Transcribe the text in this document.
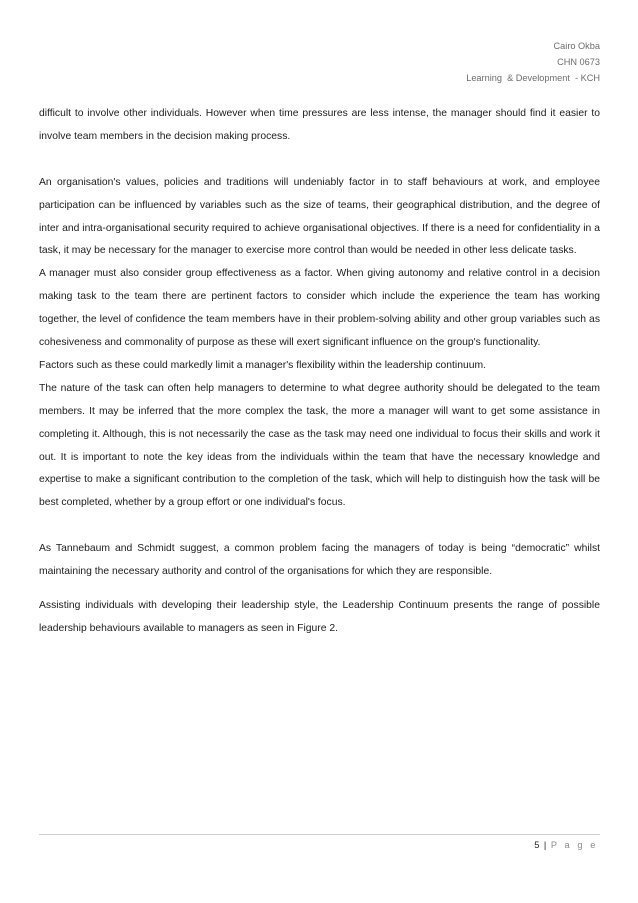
Cairo Okba
CHN 0673
Learning  & Development  - KCH

difficult to involve other individuals. However when time pressures are less intense, the manager should find it easier to involve team members in the decision making process.

An organisation's values, policies and traditions will undeniably factor in to staff behaviours at work, and employee participation can be influenced by variables such as the size of teams, their geographical distribution, and the degree of inter and intra-organisational security required to achieve organisational objectives. If there is a need for confidentiality in a task, it may be necessary for the manager to exercise more control than would be needed in other less delicate tasks.

A manager must also consider group effectiveness as a factor. When giving autonomy and relative control in a decision making task to the team there are pertinent factors to consider which include the experience the team has working together, the level of confidence the team members have in their problem-solving ability and other group variables such as cohesiveness and commonality of purpose as these will exert significant influence on the group's functionality.

Factors such as these could markedly limit a manager's flexibility within the leadership continuum.

The nature of the task can often help managers to determine to what degree authority should be delegated to the team members. It may be inferred that the more complex the task, the more a manager will want to get some assistance in completing it. Although, this is not necessarily the case as the task may need one individual to focus their skills and work it out. It is important to note the key ideas from the individuals within the team that have the necessary knowledge and expertise to make a significant contribution to the completion of the task, which will help to distinguish how the task will be best completed, whether by a group effort or one individual's focus.

As Tannebaum and Schmidt suggest, a common problem facing the managers of today is being “democratic” whilst maintaining the necessary authority and control of the organisations for which they are responsible.

Assisting individuals with developing their leadership style, the Leadership Continuum presents the range of possible leadership behaviours available to managers as seen in Figure 2.

5 | P a g e
